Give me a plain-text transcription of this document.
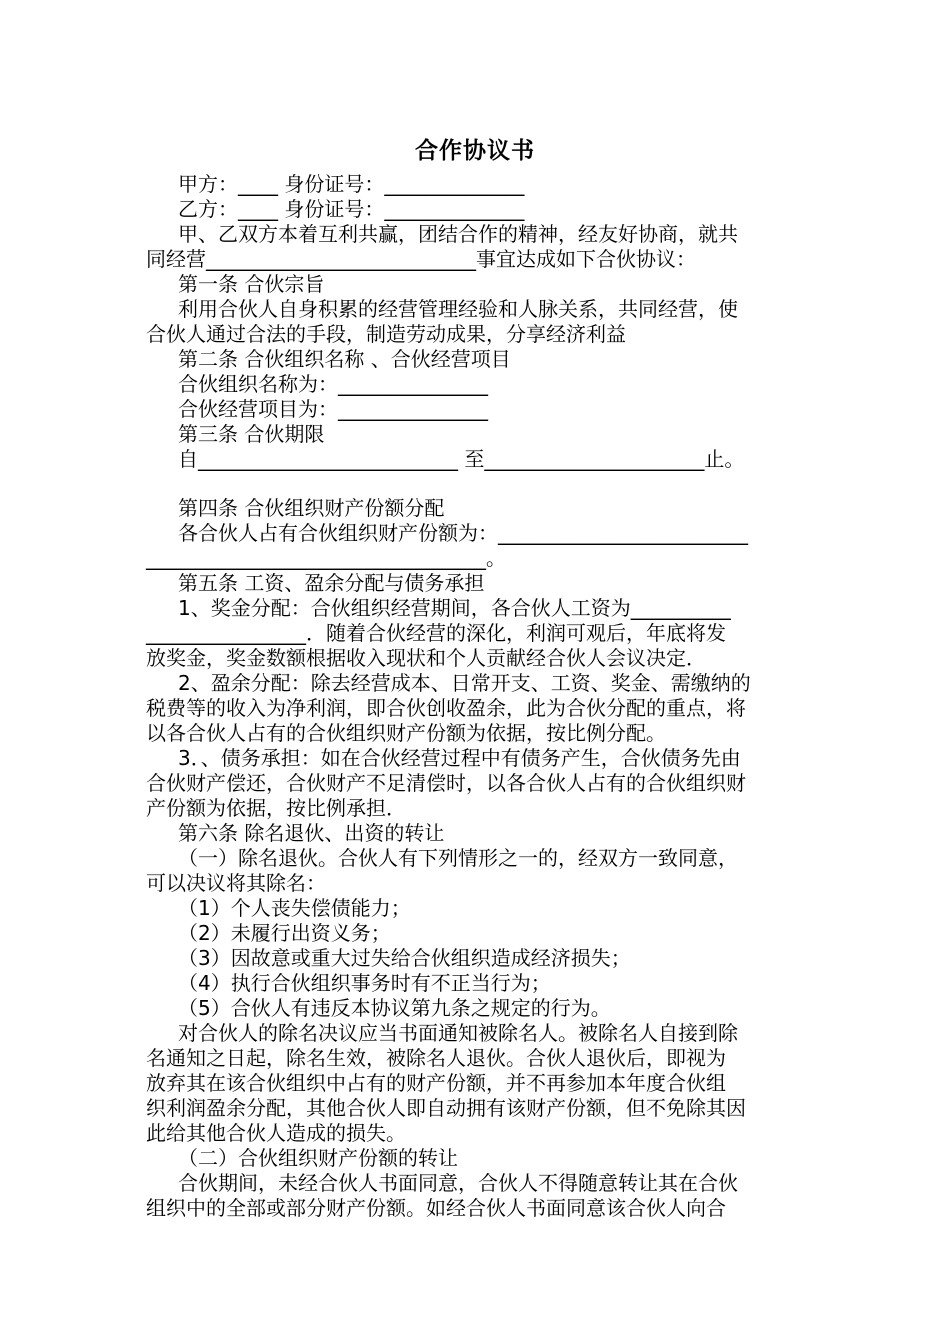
合作协议书
甲方：____ 身份证号：______________
乙方：____ 身份证号：______________
甲、乙双方本着互利共赢，团结合作的精神，经友好协商，就共
同经营___________________________事宜达成如下合伙协议：
第一条 合伙宗旨
利用合伙人自身积累的经营管理经验和人脉关系，共同经营，使
合伙人通过合法的手段，制造劳动成果，分享经济利益
第二条 合伙组织名称 、合伙经营项目
合伙组织名称为：_______________
合伙经营项目为：_______________
第三条 合伙期限
自__________________________ 至______________________止。
第四条 合伙组织财产份额分配
各合伙人占有合伙组织财产份额为：_________________________
__________________________________。
第五条 工资、盈余分配与债务承担
1、奖金分配：合伙组织经营期间，各合伙人工资为__________
________________．随着合伙经营的深化，利润可观后，年底将发
放奖金，奖金数额根据收入现状和个人贡献经合伙人会议决定．
2、盈余分配：除去经营成本、日常开支、工资、奖金、需缴纳的
税费等的收入为净利润，即合伙创收盈余，此为合伙分配的重点，将
以各合伙人占有的合伙组织财产份额为依据，按比例分配。
3．、债务承担：如在合伙经营过程中有债务产生，合伙债务先由
合伙财产偿还，合伙财产不足清偿时，以各合伙人占有的合伙组织财
产份额为依据，按比例承担．
第六条 除名退伙、出资的转让
（一）除名退伙。合伙人有下列情形之一的，经双方一致同意，
可以决议将其除名：
（1）个人丧失偿债能力；
（2）未履行出资义务；
（3）因故意或重大过失给合伙组织造成经济损失；
（4）执行合伙组织事务时有不正当行为；
（5）合伙人有违反本协议第九条之规定的行为。
对合伙人的除名决议应当书面通知被除名人。被除名人自接到除
名通知之日起，除名生效，被除名人退伙。合伙人退伙后，即视为
放弃其在该合伙组织中占有的财产份额，并不再参加本年度合伙组
织利润盈余分配，其他合伙人即自动拥有该财产份额，但不免除其因
此给其他合伙人造成的损失。
（二）合伙组织财产份额的转让
合伙期间，未经合伙人书面同意，合伙人不得随意转让其在合伙
组织中的全部或部分财产份额。如经合伙人书面同意该合伙人向合
